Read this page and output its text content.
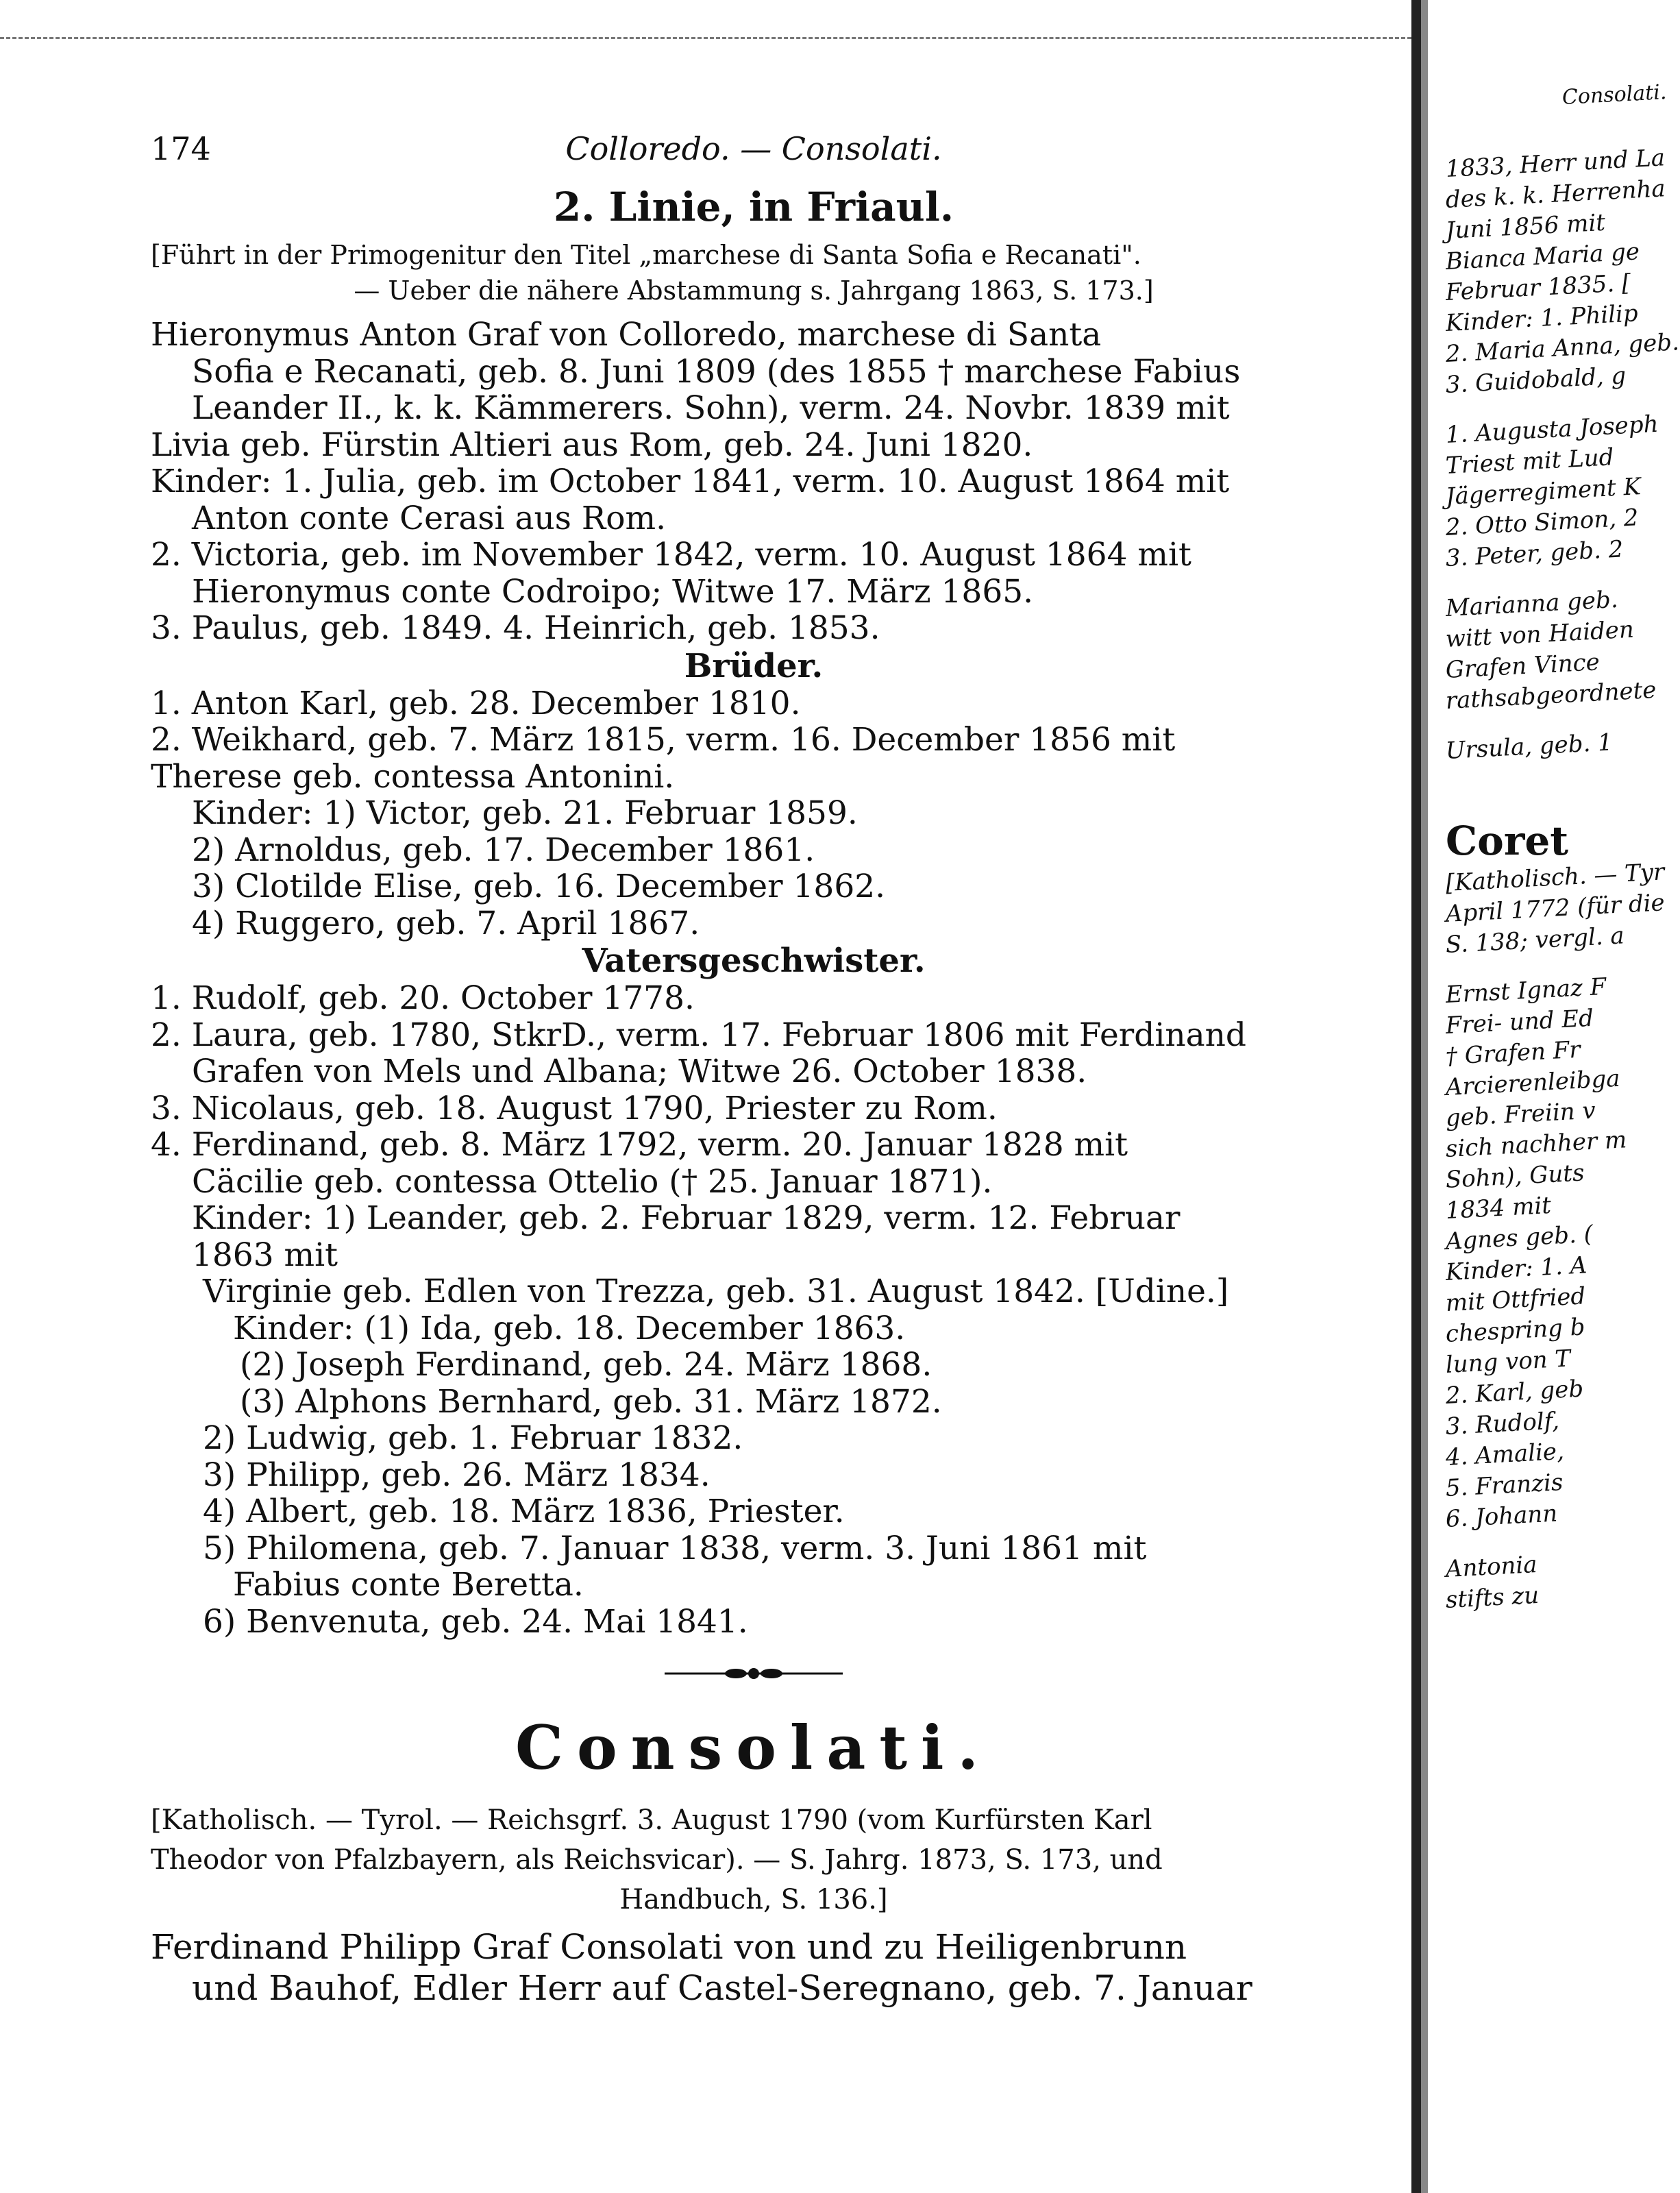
174	Colloredo. — Consolati.
2. Linie, in Friaul.
[Führt in der Primogenitur den Titel „marchese di Santa Sofia e Recanati".
— Ueber die nähere Abstammung s. Jahrgang 1863, S. 173.]
Hieronymus Anton Graf von Colloredo, marchese di Santa
Sofia e Recanati, geb. 8. Juni 1809 (des 1855 † marchese Fabius
Leander II., k. k. Kämmerers. Sohn), verm. 24. Novbr. 1839 mit
Livia geb. Fürstin Altieri aus Rom, geb. 24. Juni 1820.
Kinder: 1. Julia, geb. im October 1841, verm. 10. August 1864 mit
Anton conte Cerasi aus Rom.
2. Victoria, geb. im November 1842, verm. 10. August 1864 mit
Hieronymus conte Codroipo; Witwe 17. März 1865.
3. Paulus, geb. 1849. 4. Heinrich, geb. 1853.
Brüder.
1. Anton Karl, geb. 28. December 1810.
2. Weikhard, geb. 7. März 1815, verm. 16. December 1856 mit
Therese geb. contessa Antonini.
Kinder: 1) Victor, geb. 21. Februar 1859.
2) Arnoldus, geb. 17. December 1861.
3) Clotilde Elise, geb. 16. December 1862.
4) Ruggero, geb. 7. April 1867.
Vatersgeschwister.
1. Rudolf, geb. 20. October 1778.
2. Laura, geb. 1780, StkrD., verm. 17. Februar 1806 mit Ferdinand
Grafen von Mels und Albana; Witwe 26. October 1838.
3. Nicolaus, geb. 18. August 1790, Priester zu Rom.
4. Ferdinand, geb. 8. März 1792, verm. 20. Januar 1828 mit
Cäcilie geb. contessa Ottelio († 25. Januar 1871).
Kinder: 1) Leander, geb. 2. Februar 1829, verm. 12. Februar
1863 mit
Virginie geb. Edlen von Trezza, geb. 31. August 1842. [Udine.]
Kinder: (1) Ida, geb. 18. December 1863.
(2) Joseph Ferdinand, geb. 24. März 1868.
(3) Alphons Bernhard, geb. 31. März 1872.
2) Ludwig, geb. 1. Februar 1832.
3) Philipp, geb. 26. März 1834.
4) Albert, geb. 18. März 1836, Priester.
5) Philomena, geb. 7. Januar 1838, verm. 3. Juni 1861 mit
Fabius conte Beretta.
6) Benvenuta, geb. 24. Mai 1841.
Consolati.
[Katholisch. — Tyrol. — Reichsgrf. 3. August 1790 (vom Kurfürsten Karl
Theodor von Pfalzbayern, als Reichsvicar). — S. Jahrg. 1873, S. 173, und
Handbuch, S. 136.]
Ferdinand Philipp Graf Consolati von und zu Heiligenbrunn
und Bauhof, Edler Herr auf Castel-Seregnano, geb. 7. Januar
Consolati.
1833, Herr und La
des k. k. Herrenha
Juni 1856 mit
Bianca Maria ge
Februar 1835. [
Kinder: 1. Philip
2. Maria Anna, geb.
3. Guidobald, g
1. Augusta Joseph
Triest mit Lud
Jägerregiment K
2. Otto Simon, 2
3. Peter, geb. 2
Marianna geb.
witt von Haiden
Grafen Vince
rathsabgeordnete
Ursula, geb. 1
Coret
[Katholisch. — Tyr
April 1772 (für die
S. 138; vergl. a
Ernst Ignaz F
Frei- und Ed
† Grafen Fr
Arcierenleibga
geb. Freiin v
sich nachher m
Sohn), Guts
1834 mit
Agnes geb. (
Kinder: 1. A
mit Ottfried
chespring b
lung von T
2. Karl, geb
3. Rudolf,
4. Amalie,
5. Franzis
6. Johann
Antonia
stifts zu
